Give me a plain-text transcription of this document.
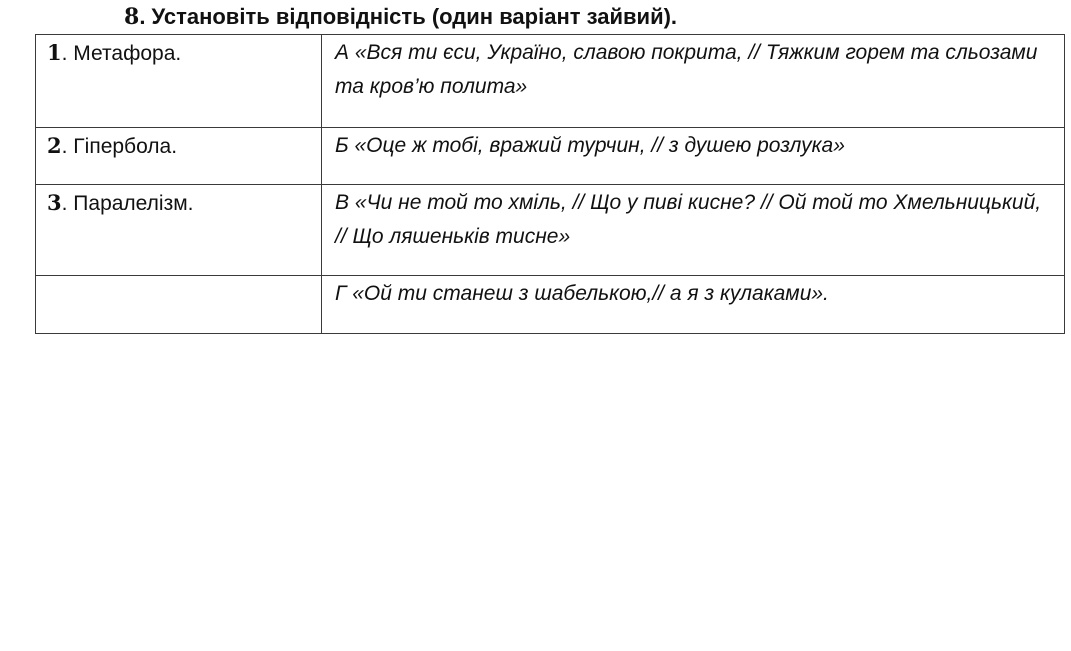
8. Установіть відповідність (один варіант зайвий).
1. Метафора.	А «Вся ти єси, Україно, славою покрита, // Тяжким горем та сльозами та кров’ю полита»
2. Гіпербола.	Б «Оце ж тобі, вражий турчин, // з душею розлука»
3. Паралелізм.	В «Чи не той то хміль, // Що у пиві кисне? // Ой той то Хмельницький, // Що ляшеньків тисне»
	Г «Ой ти станеш з шабелькою,// а я з кулаками».
